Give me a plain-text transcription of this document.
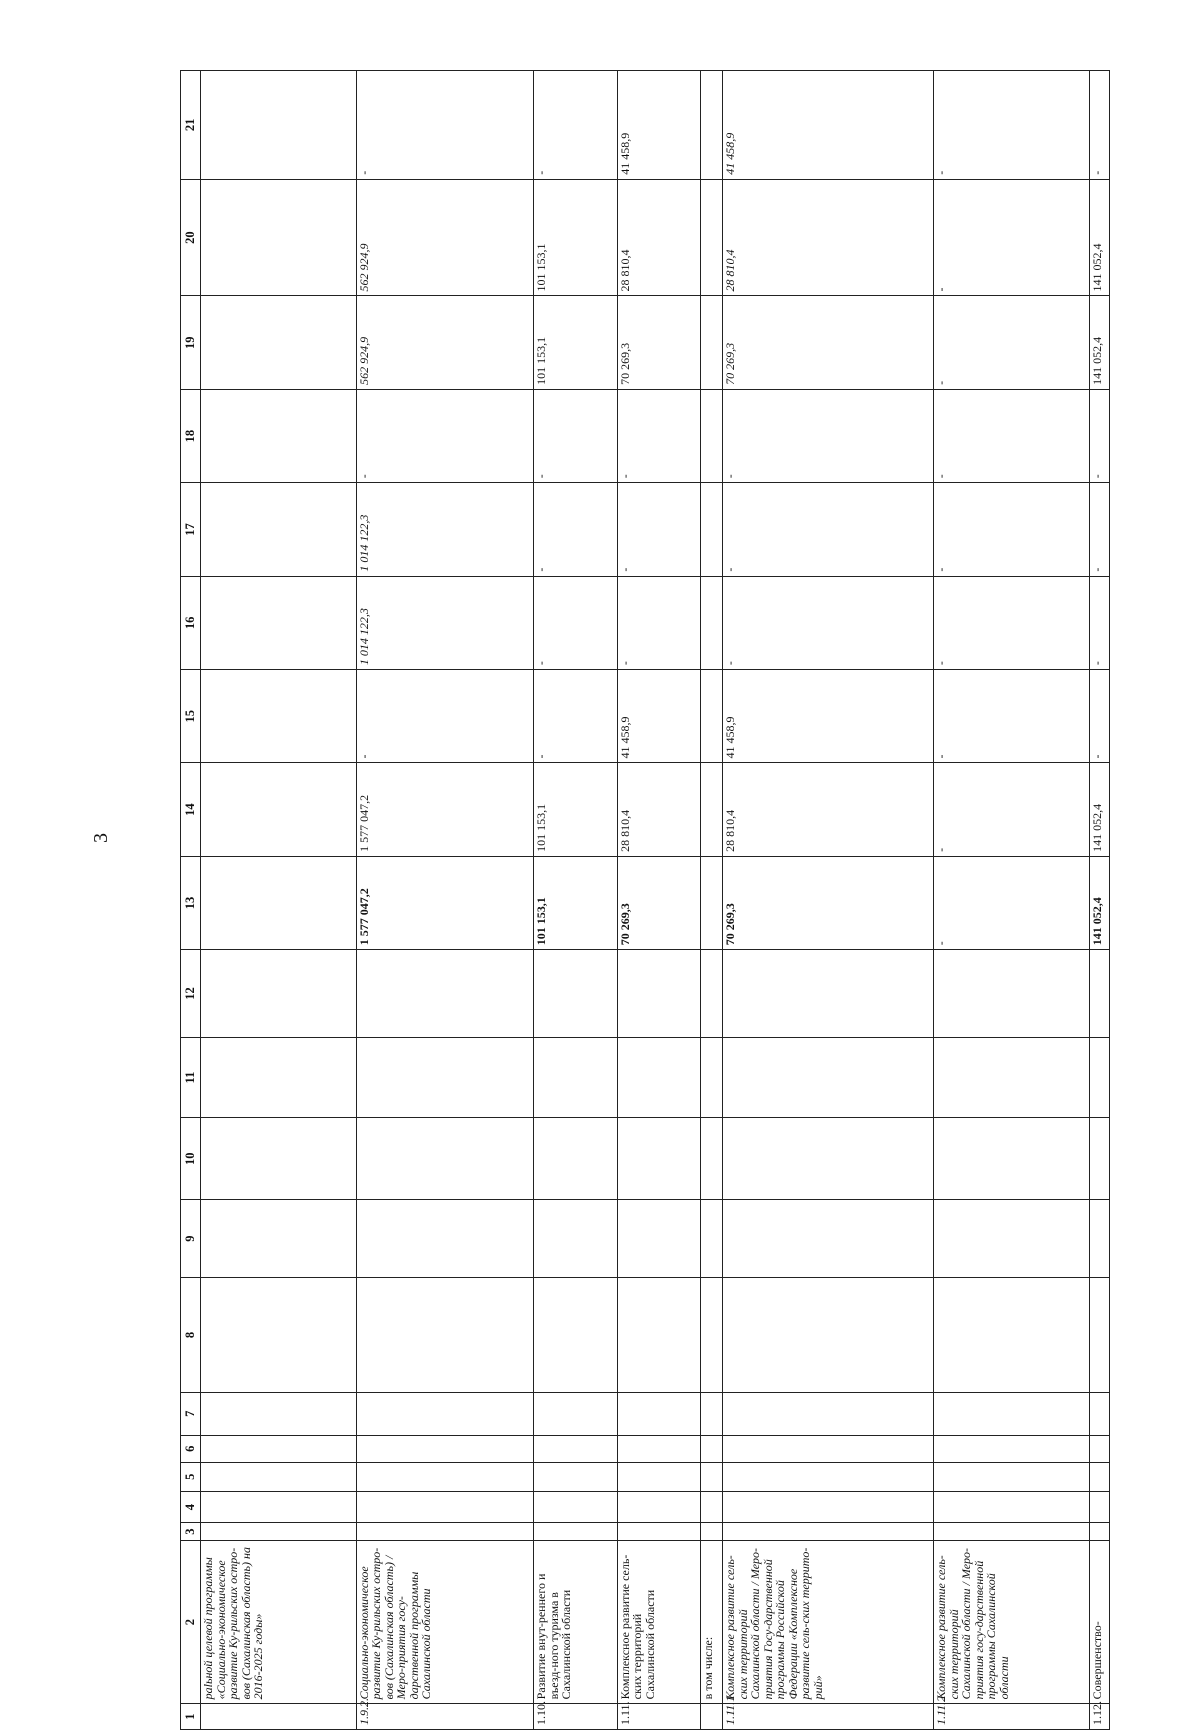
3
1	2	3	4	5	6	7	8	9	10	11	12	13	14	15	16	17	18	19	20	21
	рalьной целевой программы «Социально-экономическое развитие Ку-рильских остро-вов (Сахалинская область) на 2016-2025 годы»																			
1.9.2.	Социально-экономическое развитие Ку-рильских остро-вов (Сахалинская область) / Меро-приятия госу-дарственной программы Сахалинской области											1 577 047,2	1 577 047,2	-	1 014 122,3	1 014 122,3	-	562 924,9	562 924,9	-
1.10.	Развитие внут-реннего и въезд-ного туризма в Сахалинской области											101 153,1	101 153,1	-	-	-	-	101 153,1	101 153,1	-
1.11.	Комплексное развитие сель-ских территорий Сахалинской области											70 269,3	28 810,4	41 458,9	-	-	-	70 269,3	28 810,4	41 458,9
	в том числе:																			
1.11.1	Комплексное развитие сель-ских территорий Сахалинской области / Меро-приятия Госу-дарственной программы Российской Федерации «Комплексное развитие сель-ских террито-рий»											70 269,3	28 810,4	41 458,9	-	-	-	70 269,3	28 810,4	41 458,9
1.11.2	Комплексное развитие сель-ских территорий Сахалинской области / Меро-приятия госу-дарственной программы Сахалинской области											-	-	-	-	-	-	-	-	-
1.12.	Совершенство-											141 052,4	141 052,4	-	-	-	-	141 052,4	141 052,4	-
